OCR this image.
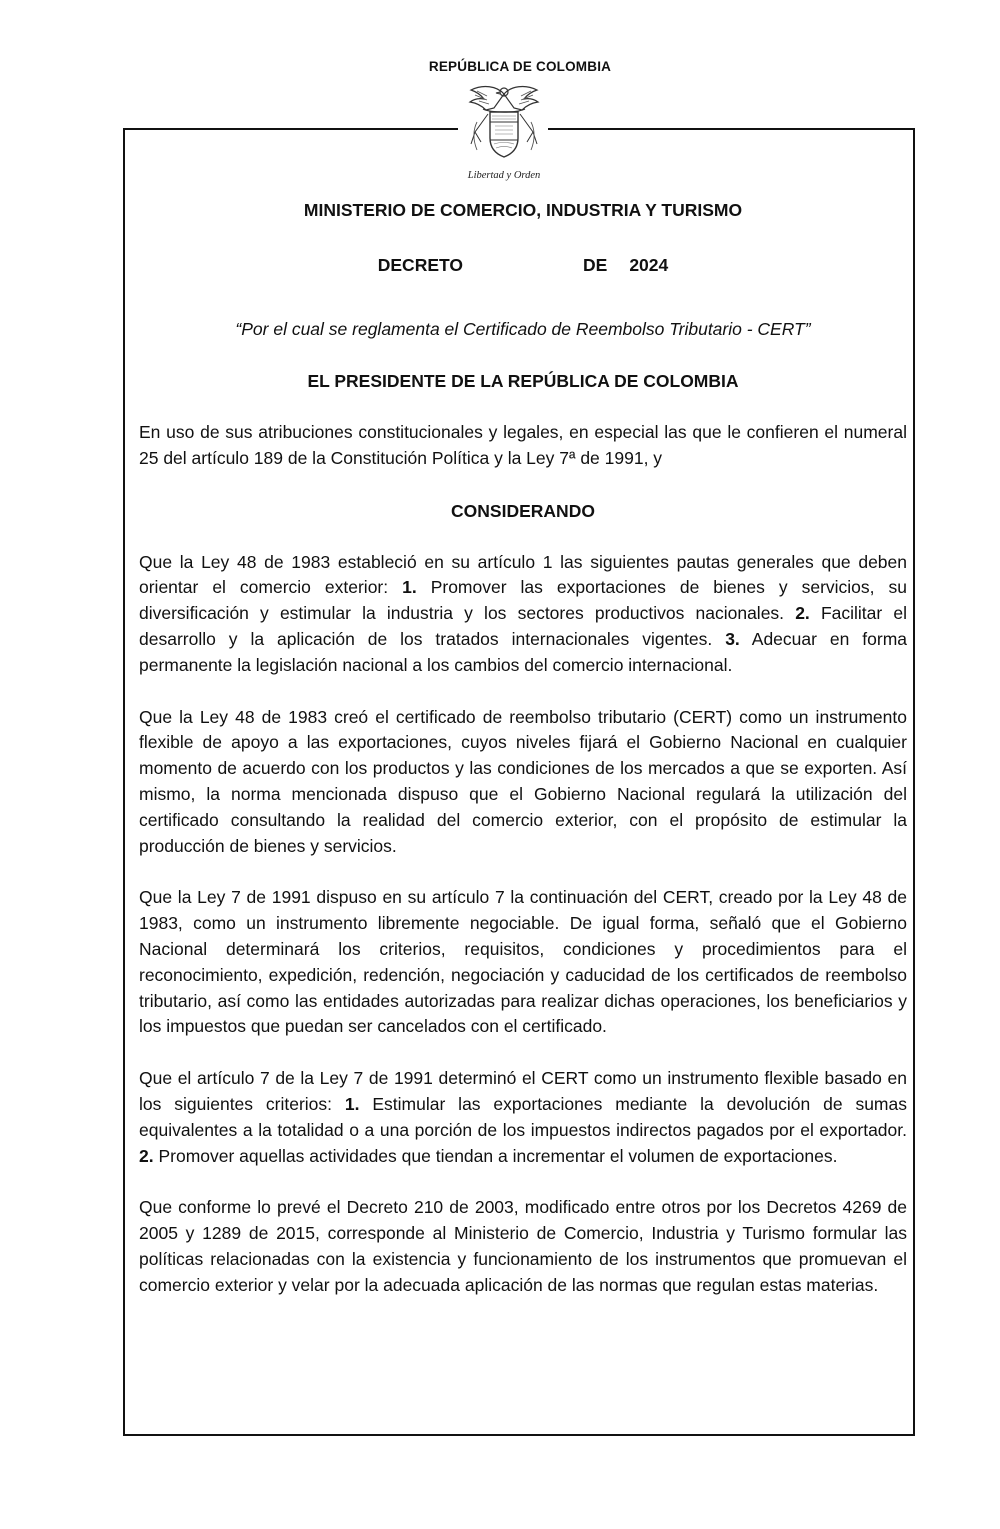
REPÚBLICA DE COLOMBIA
Libertad y Orden
MINISTERIO DE COMERCIO, INDUSTRIA Y TURISMO
DECRETO	DE 2024
“Por el cual se reglamenta el Certificado de Reembolso Tributario - CERT”
EL PRESIDENTE DE LA REPÚBLICA DE COLOMBIA

En uso de sus atribuciones constitucionales y legales, en especial las que le confieren el numeral 25 del artículo 189 de la Constitución Política y la Ley 7ª de 1991, y

CONSIDERANDO

Que la Ley 48 de 1983 estableció en su artículo 1 las siguientes pautas generales que deben orientar el comercio exterior: 1. Promover las exportaciones de bienes y servicios, su diversificación y estimular la industria y los sectores productivos nacionales. 2. Facilitar el desarrollo y la aplicación de los tratados internacionales vigentes. 3. Adecuar en forma permanente la legislación nacional a los cambios del comercio internacional.

Que la Ley 48 de 1983 creó el certificado de reembolso tributario (CERT) como un instrumento flexible de apoyo a las exportaciones, cuyos niveles fijará el Gobierno Nacional en cualquier momento de acuerdo con los productos y las condiciones de los mercados a que se exporten. Así mismo, la norma mencionada dispuso que el Gobierno Nacional regulará la utilización del certificado consultando la realidad del comercio exterior, con el propósito de estimular la producción de bienes y servicios.

Que la Ley 7 de 1991 dispuso en su artículo 7 la continuación del CERT, creado por la Ley 48 de 1983, como un instrumento libremente negociable. De igual forma, señaló que el Gobierno Nacional determinará los criterios, requisitos, condiciones y procedimientos para el reconocimiento, expedición, redención, negociación y caducidad de los certificados de reembolso tributario, así como las entidades autorizadas para realizar dichas operaciones, los beneficiarios y los impuestos que puedan ser cancelados con el certificado.

Que el artículo 7 de la Ley 7 de 1991 determinó el CERT como un instrumento flexible basado en los siguientes criterios: 1. Estimular las exportaciones mediante la devolución de sumas equivalentes a la totalidad o a una porción de los impuestos indirectos pagados por el exportador. 2. Promover aquellas actividades que tiendan a incrementar el volumen de exportaciones.

Que conforme lo prevé el Decreto 210 de 2003, modificado entre otros por los Decretos 4269 de 2005 y 1289 de 2015, corresponde al Ministerio de Comercio, Industria y Turismo formular las políticas relacionadas con la existencia y funcionamiento de los instrumentos que promuevan el comercio exterior y velar por la adecuada aplicación de las normas que regulan estas materias.
